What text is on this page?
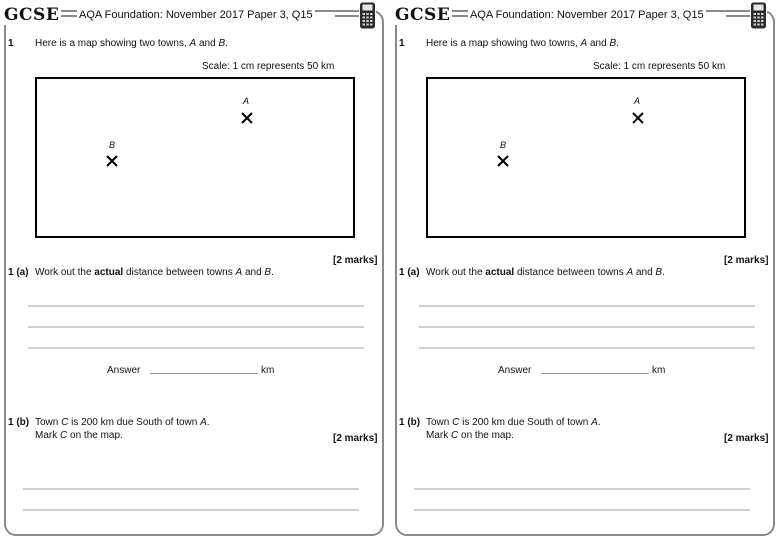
GCSE AQA Foundation: November 2017 Paper 3, Q15
1 Here is a map showing two towns, A and B.
Scale: 1 cm represents 50 km
A
B
[2 marks]
1 (a) Work out the actual distance between towns A and B.
Answer	km
1 (b) Town C is 200 km due South of town A.
Mark C on the map.	[2 marks]
GCSE AQA Foundation: November 2017 Paper 3, Q15
1 Here is a map showing two towns, A and B.
Scale: 1 cm represents 50 km
A
B
[2 marks]
1 (a) Work out the actual distance between towns A and B.
Answer	km
1 (b) Town C is 200 km due South of town A.
Mark C on the map.	[2 marks]
